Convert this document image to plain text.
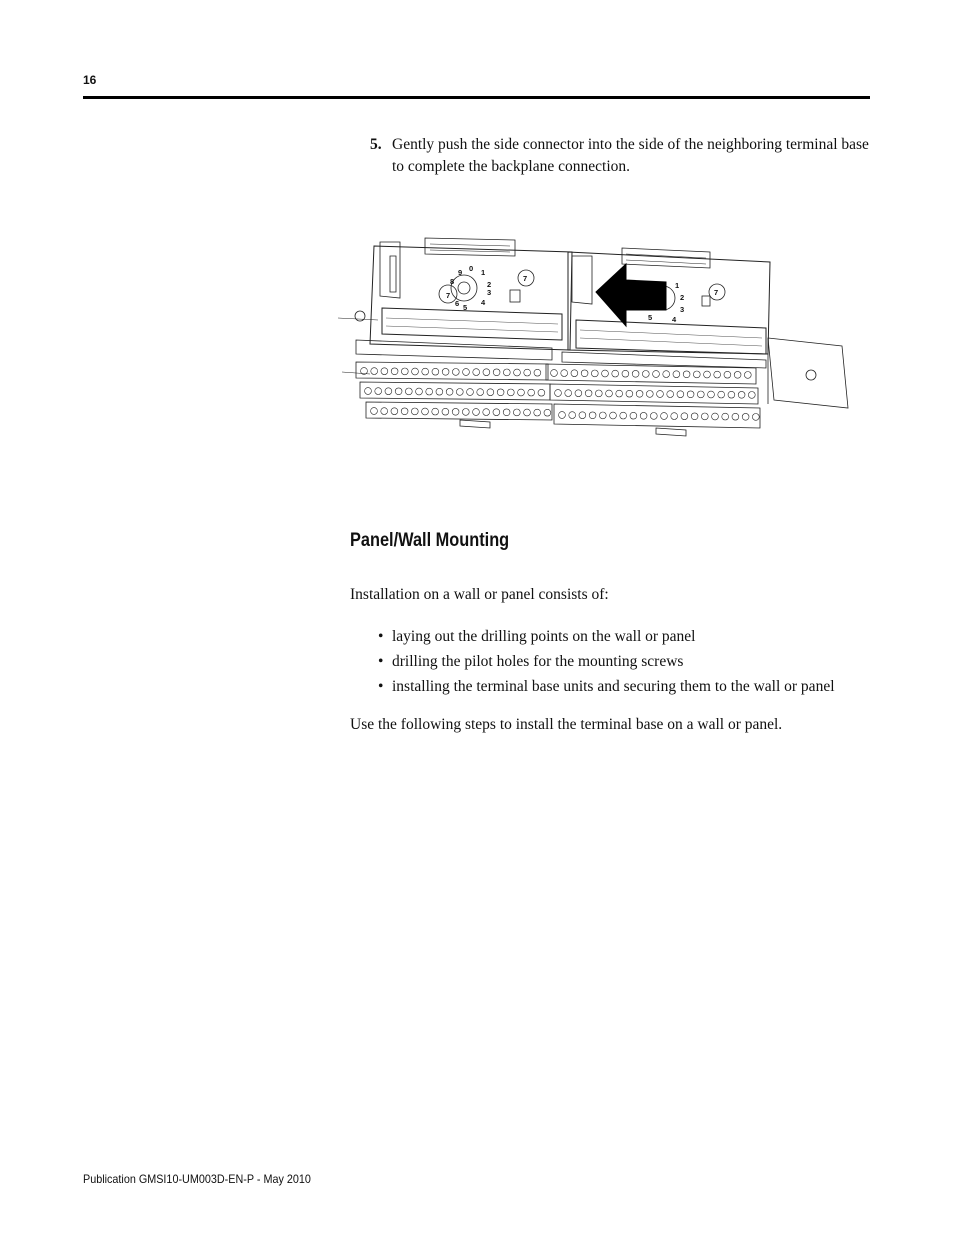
16
5. Gently push the side connector into the side of the neighboring terminal base to complete the backplane connection.
0 1
2
3
4
5
6
7
8
9
7
1
2
3
4
5
7
Panel/Wall Mounting
Installation on a wall or panel consists of:
• laying out the drilling points on the wall or panel
• drilling the pilot holes for the mounting screws
• installing the terminal base units and securing them to the wall or panel
Use the following steps to install the terminal base on a wall or panel.
Publication GMSI10-UM003D-EN-P - May 2010
